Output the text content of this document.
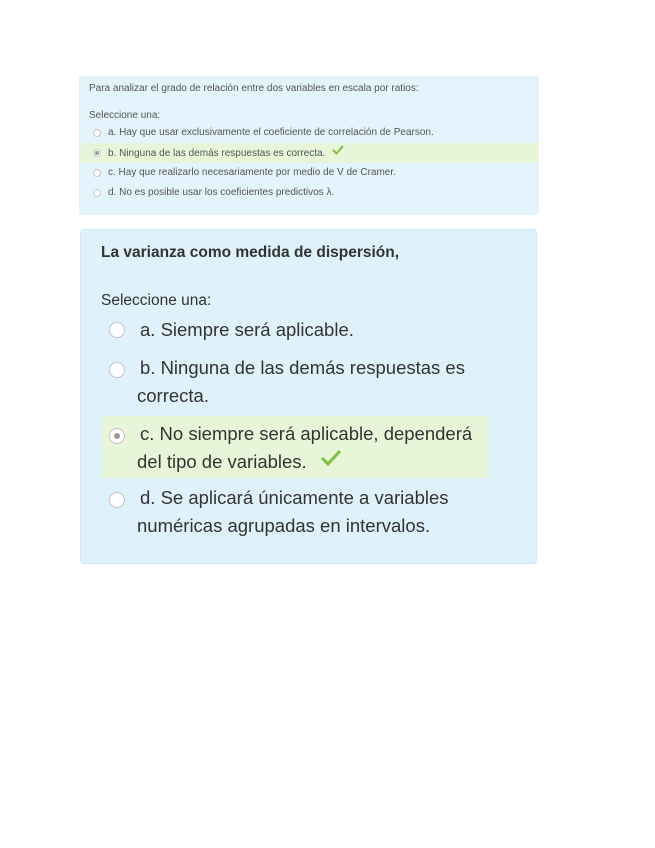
Para analizar el grado de relación entre dos variables en escala por ratios:
Seleccione una:
a. Hay que usar exclusivamente el coeficiente de correlación de Pearson.
b. Ninguna de las demás respuestas es correcta.
c. Hay que realizarlo necesariamente por medio de V de Cramer.
d. No es posible usar los coeficientes predictivos λ.
La varianza como medida de dispersión,
Seleccione una:
a. Siempre será aplicable.
b. Ninguna de las demás respuestas es correcta.
c. No siempre será aplicable, dependerá del tipo de variables.
d. Se aplicará únicamente a variables numéricas agrupadas en intervalos.
